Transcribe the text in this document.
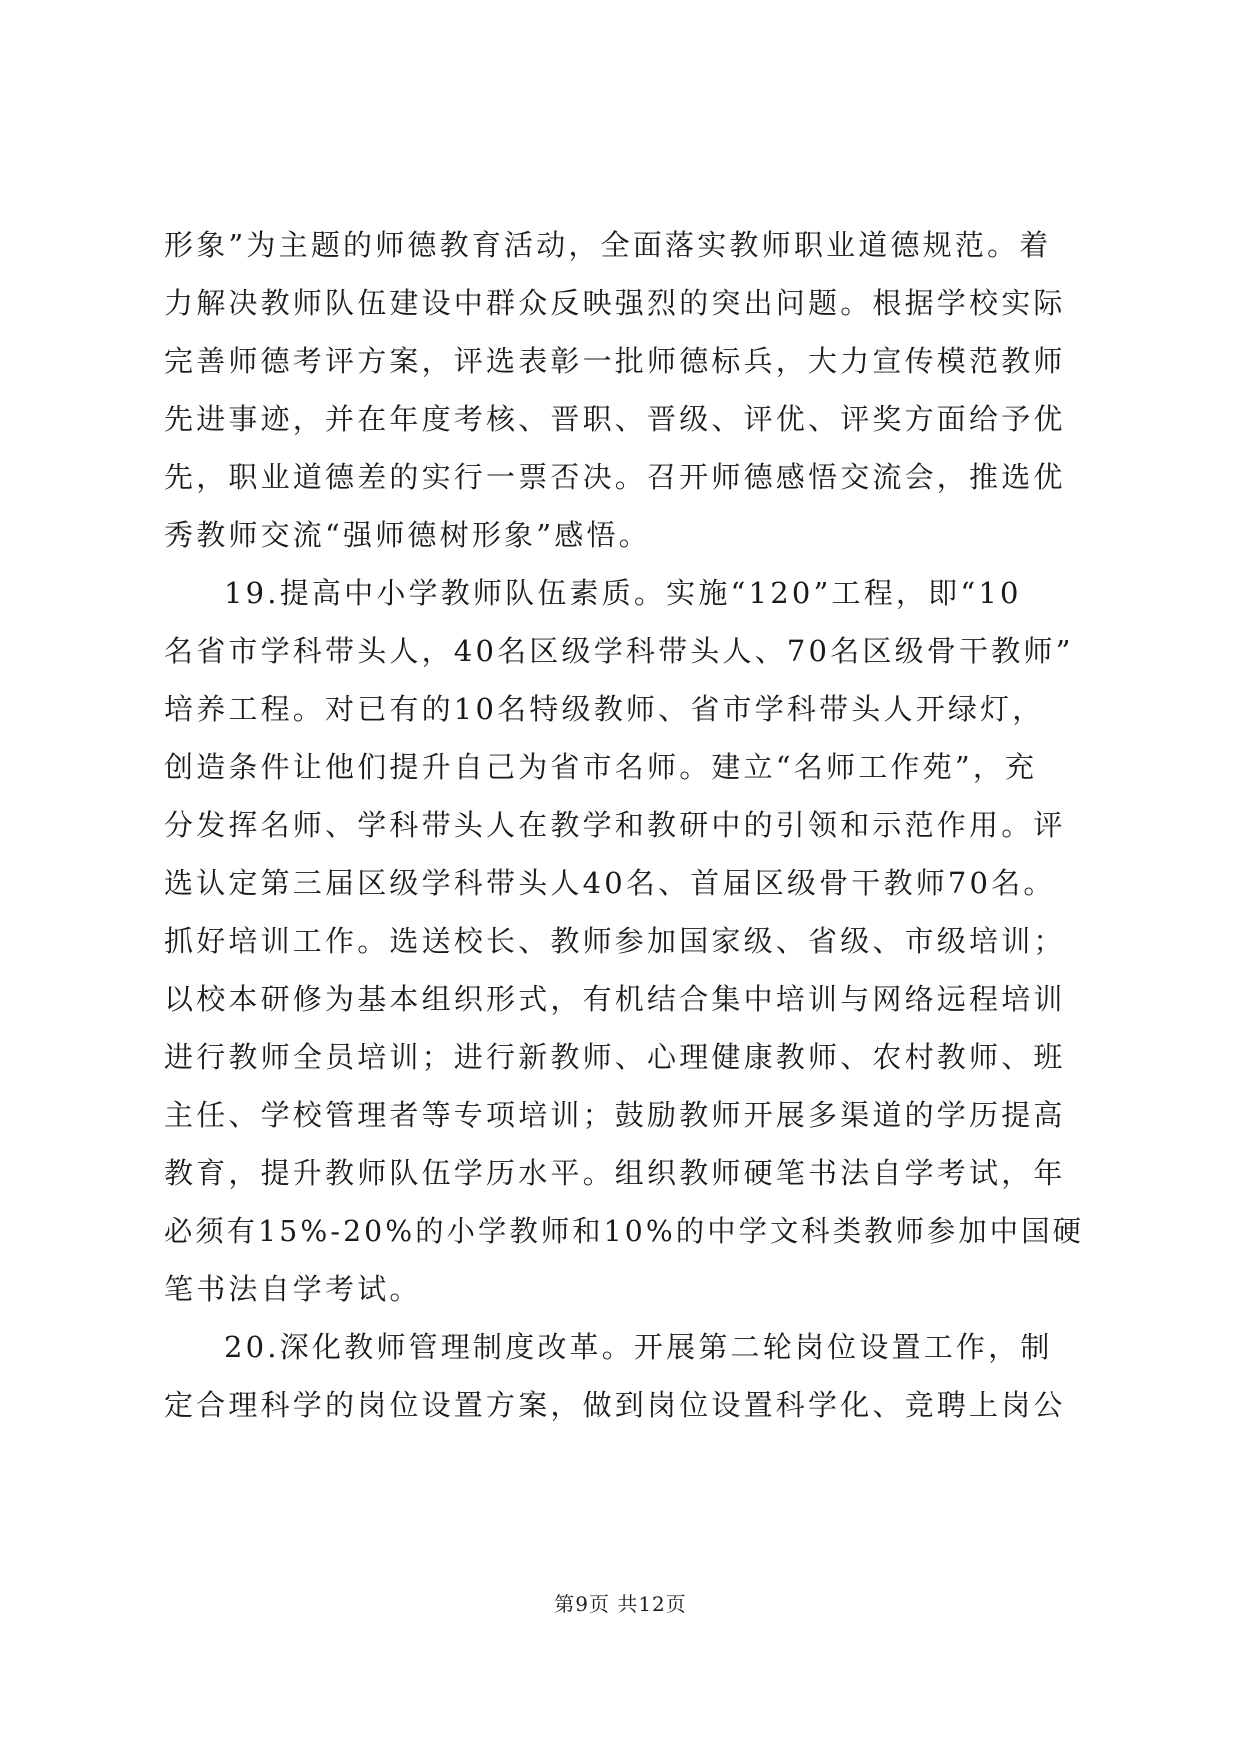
形象”为主题的师德教育活动，全面落实教师职业道德规范。着
力解决教师队伍建设中群众反映强烈的突出问题。根据学校实际
完善师德考评方案，评选表彰一批师德标兵，大力宣传模范教师
先进事迹，并在年度考核、晋职、晋级、评优、评奖方面给予优
先，职业道德差的实行一票否决。召开师德感悟交流会，推选优
秀教师交流“强师德树形象”感悟。
19.提高中小学教师队伍素质。实施“120”工程，即“10
名省市学科带头人，40名区级学科带头人、70名区级骨干教师”
培养工程。对已有的10名特级教师、省市学科带头人开绿灯，
创造条件让他们提升自己为省市名师。建立“名师工作苑”，充
分发挥名师、学科带头人在教学和教研中的引领和示范作用。评
选认定第三届区级学科带头人40名、首届区级骨干教师70名。
抓好培训工作。选送校长、教师参加国家级、省级、市级培训；
以校本研修为基本组织形式，有机结合集中培训与网络远程培训
进行教师全员培训；进行新教师、心理健康教师、农村教师、班
主任、学校管理者等专项培训；鼓励教师开展多渠道的学历提高
教育，提升教师队伍学历水平。组织教师硬笔书法自学考试，年
必须有15%-20%的小学教师和10%的中学文科类教师参加中国硬
笔书法自学考试。
20.深化教师管理制度改革。开展第二轮岗位设置工作，制
定合理科学的岗位设置方案，做到岗位设置科学化、竞聘上岗公
第9页 共12页
